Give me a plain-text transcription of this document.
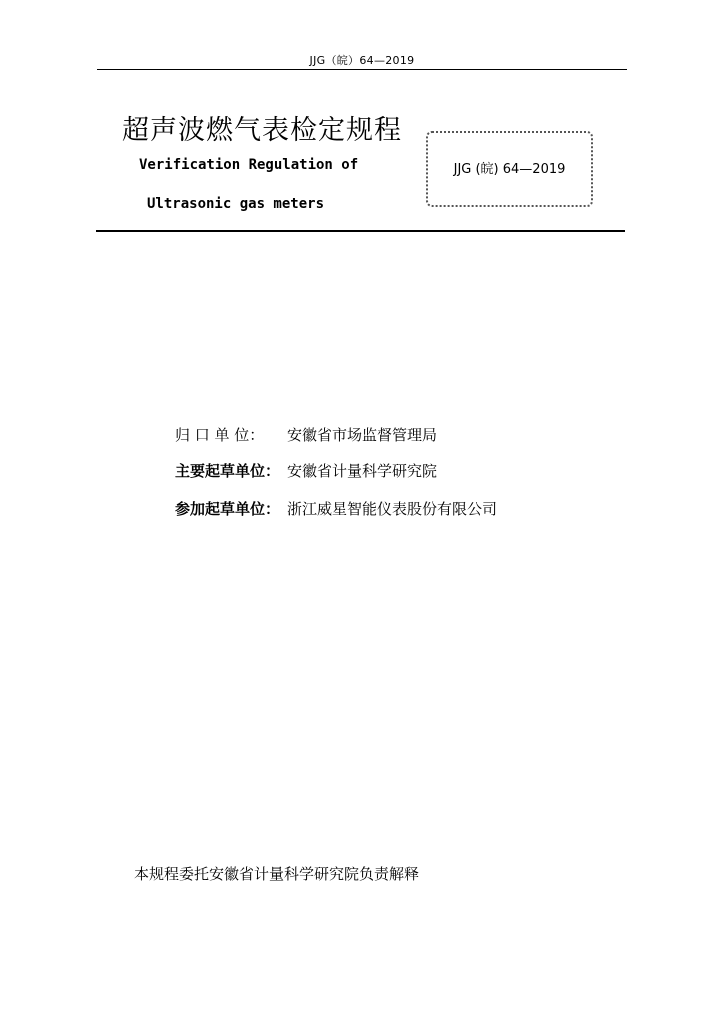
JJG（皖）64—2019
超声波燃气表检定规程
Verification Regulation of
Ultrasonic gas meters
JJG (皖) 64—2019
归 口 单 位： 安徽省市场监督管理局
主要起草单位： 安徽省计量科学研究院
参加起草单位： 浙江威星智能仪表股份有限公司
本规程委托安徽省计量科学研究院负责解释
